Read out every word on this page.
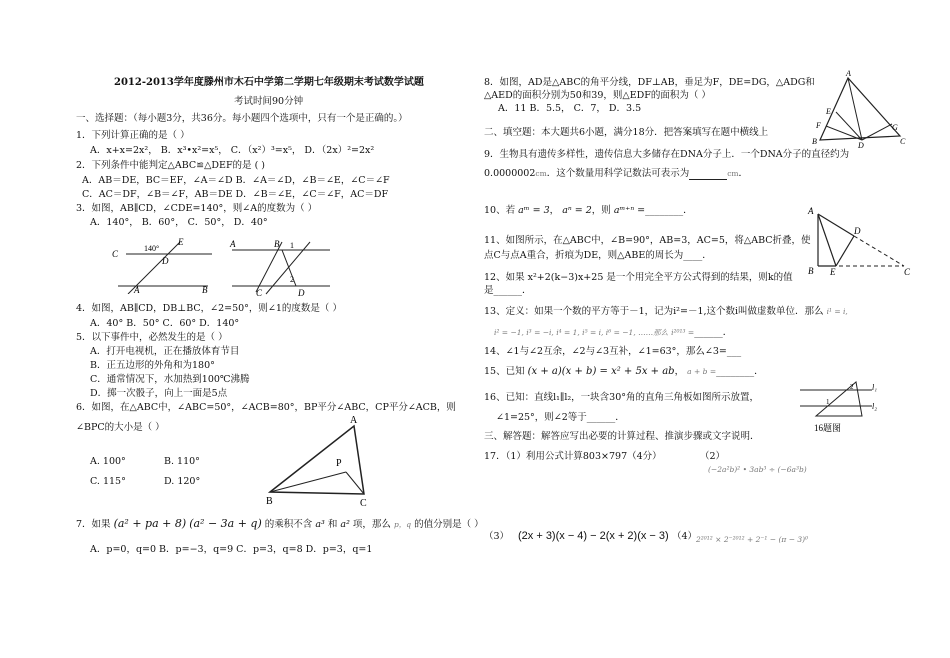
2012-2013学年度滕州市木石中学第二学期七年级期末考试数学试题
考试时间90分钟
一、选择题：（每小题3分，共36分。每小题四个选项中，只有一个是正确的。）
1．下列计算正确的是（ ）
A．x+x=2x²， B．x³•x²=x⁵， C．（x²）³=x⁵， D．（2x）²=2x²
2．下列条件中能判定△ABC≌△DEF的是 ( )
A．AB＝DE，BC＝EF，∠A＝∠D B．∠A＝∠D，∠B＝∠E，∠C＝∠F
C．AC＝DF，∠B＝∠F，AB＝DE D．∠B＝∠E，∠C＝∠F，AC＝DF
3．如图，AB∥CD，∠CDE=140°，则∠A的度数为（ ）
A．140°， B．60°， C．50°， D．40°
C
D
E
A	B
140°	A	B
C	D
1
2
4．如图，AB∥CD，DB⊥BC，∠2=50°，则∠1的度数是（ ）
A．40° B．50° C．60° D．140°
5．以下事件中，必然发生的是（ ）
A．打开电视机，正在播放体育节目
B．正五边形的外角和为180°
C．通常情况下，水加热到100℃沸腾
D．掷一次骰子，向上一面是5点
6．如图，在△ABC中，∠ABC=50°，∠ACB=80°，BP平分∠ABC，CP平分∠ACB，则
∠BPC的大小是（ ）
A. 100°	B. 110°
C. 115°	D. 120°
A
P
B	C
7．如果 (a² + pa + 8) (a² − 3a + q) 的乘积不含 a³ 和 a² 项，那么 p，q 的值分别是（ ）
A．p=0，q=0 B．p=−3，q=9 C．p=3，q=8 D．p=3，q=1
8．如图，AD是△ABC的角平分线，DF⊥AB，垂足为F，DE=DG，△ADG和
△AED的面积分别为50和39，则△EDF的面积为（ ）
A．11 B．5.5， C．7， D．3.5
A
E
F
B	D
G
C
二、填空题：本大题共6小题，满分18分．把答案填写在题中横线上
9．生物具有遗传多样性，遗传信息大多储存在DNA分子上．一个DNA分子的直径约为
0.0000002cm．这个数量用科学记数法可表示为	cm．
10、若 aᵐ = 3， aⁿ = 2，则 aᵐ⁺ⁿ =________．
11、如图所示，在△ABC中，∠B=90°，AB=3，AC=5，将△ABC折叠，使
点C与点A重合，折痕为DE，则△ABE的周长为____．
A
D
B E	C
12、如果 x²+2(k−3)x+25 是一个用完全平方公式得到的结果，则k的值
是______．
13、定义：如果一个数的平方等于－1，记为i²=－1,这个数i叫做虚数单位．那么 i¹ = i,
i² = −1, i³ = −i, i⁴ = 1, i⁵ = i, i⁶ = −1, ……那么 i²⁰¹³ =______．
14、∠1与∠2互余，∠2与∠3互补，∠1=63°，那么∠3=___
15、已知 (x + a)(x + b) = x² + 5x + ab， a + b =________．
16、已知：直线l₁∥l₂，一块含30°角的直角三角板如图所示放置，
∠1=25°，则∠2等于______．
l₁
l₂
2
1
16题图
三、解答题：解答应写出必要的计算过程、推演步骤或文字说明．
17．（1）利用公式计算803×797（4分）	（2）
(−2a²b)² • 3ab³ ÷ (−6a³b)
（3） (2x + 3)(x − 4) − 2(x + 2)(x − 3) （4）
2²⁰¹² × 2⁻²⁰¹² + 2⁻¹ − (π − 3)⁰
